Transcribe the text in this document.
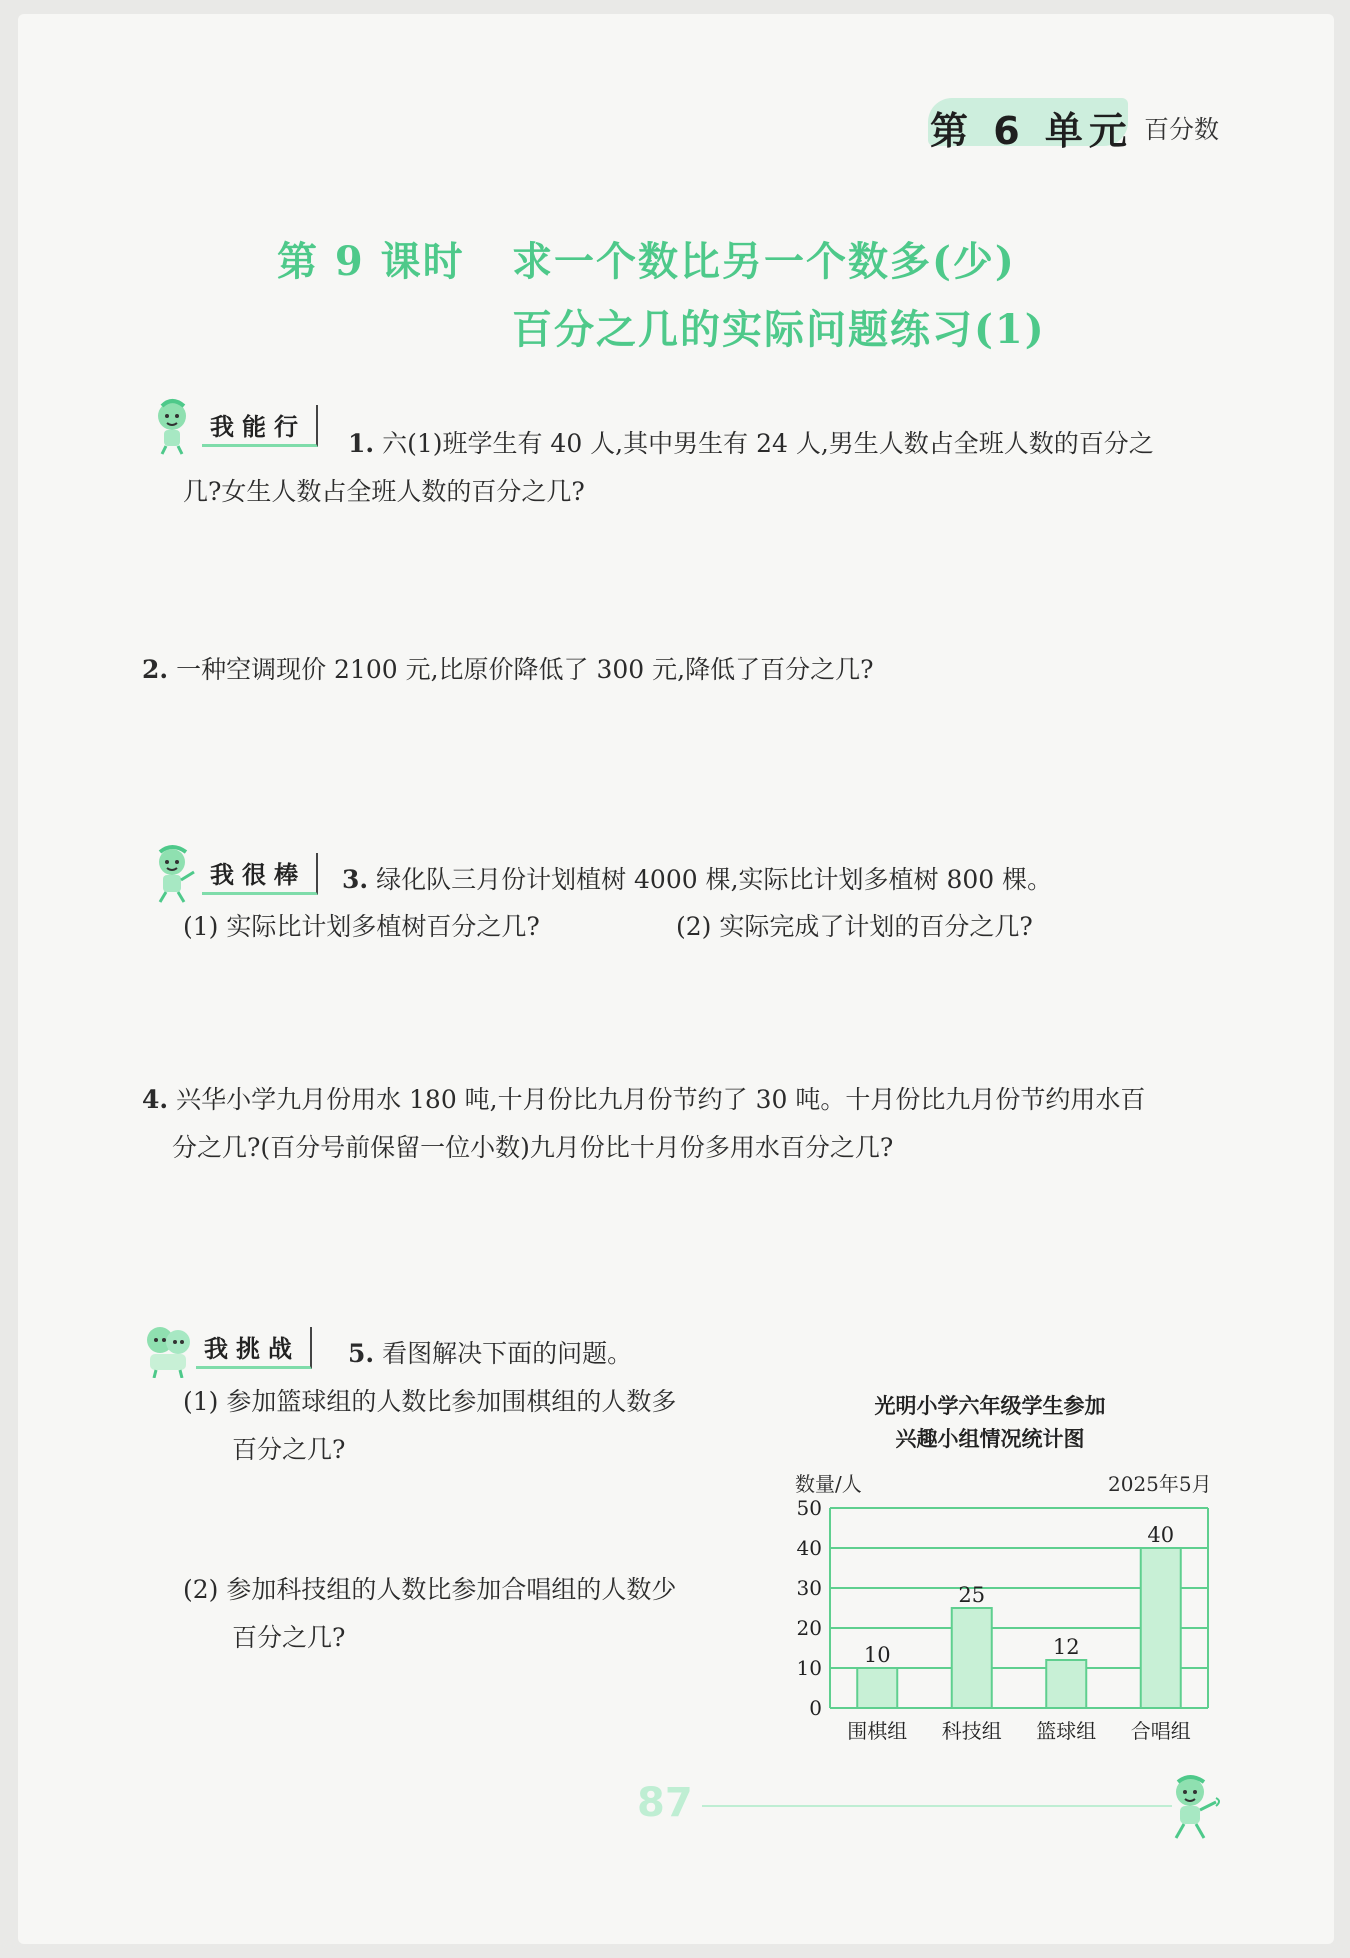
第 6 单元 百分数
第 9 课时 求一个数比另一个数多(少)
百分之几的实际问题练习(1)
我能行
1. 六(1)班学生有 40 人,其中男生有 24 人,男生人数占全班人数的百分之
几?女生人数占全班人数的百分之几?
2. 一种空调现价 2100 元,比原价降低了 300 元,降低了百分之几?
我很棒	3. 绿化队三月份计划植树 4000 棵,实际比计划多植树 800 棵。
(1) 实际比计划多植树百分之几?	(2) 实际完成了计划的百分之几?
4. 兴华小学九月份用水 180 吨,十月份比九月份节约了 30 吨。十月份比九月份节约用水百
分之几?(百分号前保留一位小数)九月份比十月份多用水百分之几?
我挑战	5. 看图解决下面的问题。
(1) 参加篮球组的人数比参加围棋组的人数多
百分之几?
(2) 参加科技组的人数比参加合唱组的人数少
百分之几?
光明小学六年级学生参加
兴趣小组情况统计图
数量/人	2025年5月
0
10
20
30
40
50
10
围棋组
25
科技组
12
篮球组
40
合唱组
87
